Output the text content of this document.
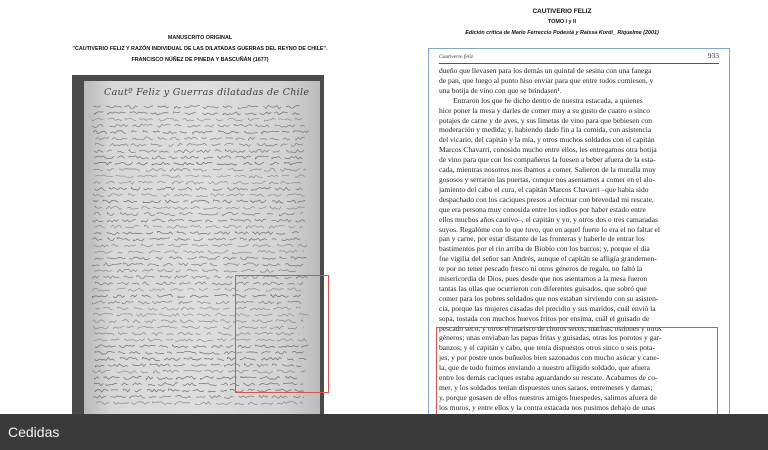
MANUSCRITO ORIGINAL
"CAUTIVERIO FELIZ Y RAZÓN INDIVIDUAL DE LAS DILATADAS GUERRAS DEL REYNO DE CHILE".
FRANCISCO NÚÑEZ DE PINEDA Y BASCUÑÁN (1677)
CAUTIVERIO FELIZ
TOMO I y II
Edición crítica de Mario Ferreccio Podestá y Raissa Kordi_ Riquelme (2001)
Cautº Feliz y Guerras dilatadas de Chile
Cautiverio feliz	933
dueño que llevasen para los demás un quintal de sesina con una fanega
de pan, que luego al punto hiso enviar para que entre todos comiesen, y
una botija de vino con que se brindasen¹.
Entraron los que he dicho dentro de nuestra estacada, a quienes
hice poner la mesa y darles de comer muy a su gusto de cuatro o sinco
potajes de carne y de aves, y sus limetas de vino para que bebiesen con
moderación y medida; y, habiendo dado fin a la comida, con asistencia
del vicario, del capitán y la mía, y otros muchos soldados con el capitán
Marcos Chavarri, conosido mucho entre ellos, les entregamos otra botija
de vino para que con los compañeros la fuesen a beber afuera de la esta-
cada, mientras nosotros nos íbamos a comer. Salieron de la muralla muy
gososos y serraron las puertas, conque nos asentamos a comer en el alo-
jamiento del cabo el cura, el capitán Marcos Chavarri –que había sido
despachado con los caciques presos a efectuar con brevedad mi rescate,
que era persona muy conosida entre los indios por haber estado entre
ellos muchos años cautivo–, el capitán y yo, y otros dos o tres camaradas
suyos. Regalóme con lo que tuvo, que en aquel fuerte lo era el no faltar el
pan y carne, por estar distante de las fronteras y haberle de entrar los
bastimentos por el río arriba de Biobío con los barcos; y, porque el día
fue vigilia del señor san Andrés, aunque el capitán se afligía grandemen-
te por no tener pescado fresco ni otros géneros de regalo, no faltó la
misericordia de Dios, pues desde que nos asentamos a la mesa fueron
tantas las ollas que ocurrieron con diferentes guisados, que sobró que
comer para los pobres soldados que nos estaban sirviendo con su asisten-
cia, porque las mujeres casadas del precidio y sus maridos, cuál envió la
sopa, tostada con muchos huevos fritos por ensima, cuál el guisado de
pescado seco, y otros el marisco de choros secos, machas, ostiones y otros
géneros; unas enviaban las papas fritas y guisadas, otras los porotos y gar-
banzos; y el capitán y cabo, que tenía dispuestos otros sinco o seis pota-
jes, y por postre unos buñuelos bien sazonados con mucho asúcar y cane-
la, que de todo fuimos enviando a nuestro afligido soldado, que afuera
entre los demás caciques estaba aguardando su rescate. Acabamos de co-
mer, y los soldados tenían dispuestos unos saraos, entremeses y damas;
y, porque gosasen de ellos nuestros amigos huespedes, salimos afuera de
los muros, y entre ellos y la contra estacada nos pusimos debajo de unas
Cedidas
